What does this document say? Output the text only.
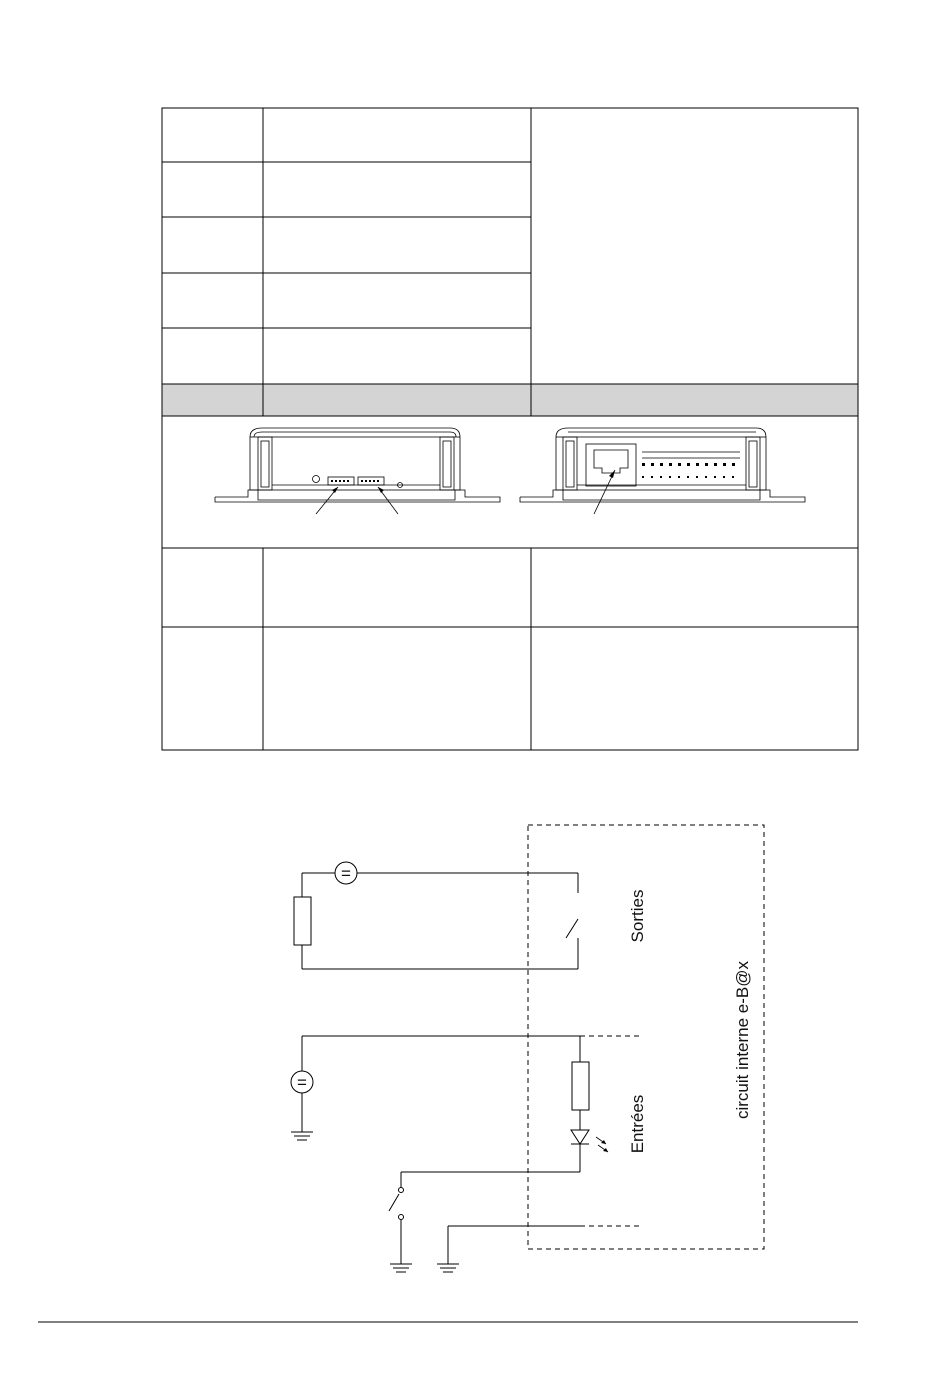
=
=
Sorties
Entrées
circuit interne e-B@x
